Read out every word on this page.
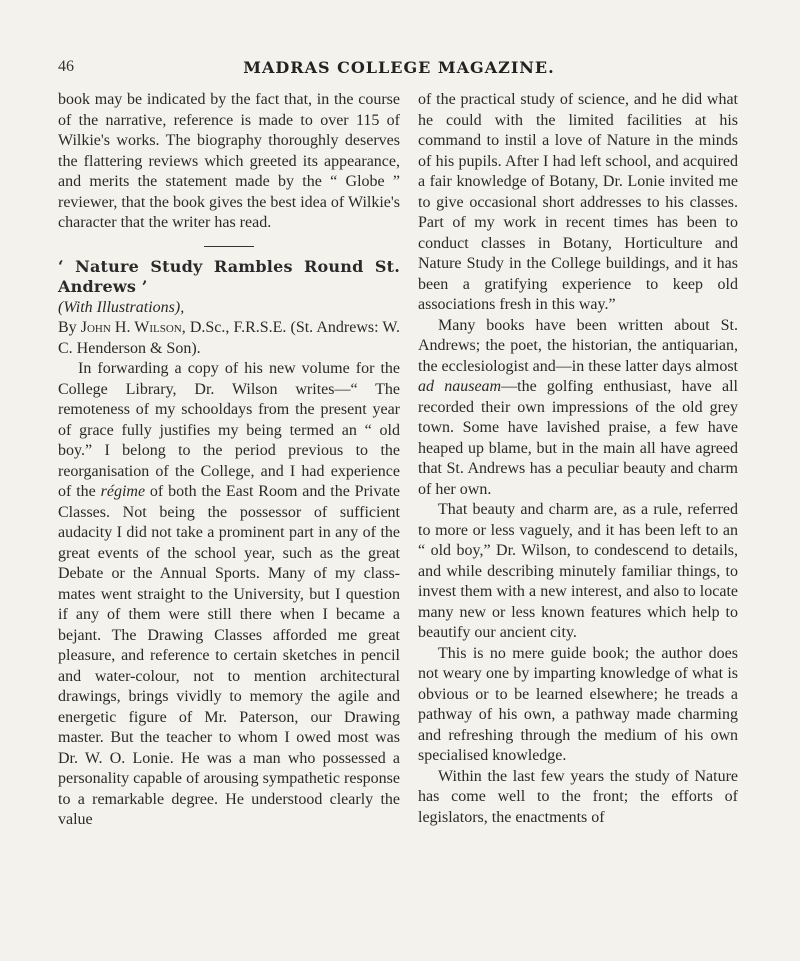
46	MADRAS COLLEGE MAGAZINE.

book may be indicated by the fact that, in the course of the narrative, reference is made to over 115 of Wilkie's works. The biography thoroughly deserves the flattering reviews which greeted its appearance, and merits the statement made by the “ Globe ” reviewer, that the book gives the best idea of Wilkie's character that the writer has read.

‘ Nature Study Rambles Round St. Andrews ’

(With Illustrations),

By John H. Wilson, D.Sc., F.R.S.E. (St. Andrews: W. C. Henderson & Son).

In forwarding a copy of his new volume for the College Library, Dr. Wilson writes—“ The remoteness of my schooldays from the present year of grace fully justifies my being termed an “ old boy.” I belong to the period previous to the reorganisation of the College, and I had experience of the régime of both the East Room and the Private Classes. Not being the possessor of sufficient audacity I did not take a prominent part in any of the great events of the school year, such as the great Debate or the Annual Sports. Many of my class-mates went straight to the University, but I question if any of them were still there when I became a bejant. The Drawing Classes afforded me great pleasure, and reference to certain sketches in pencil and water-colour, not to mention architectural drawings, brings vividly to memory the agile and energetic figure of Mr. Paterson, our Drawing master. But the teacher to whom I owed most was Dr. W. O. Lonie. He was a man who possessed a personality capable of arousing sympathetic response to a remarkable degree. He understood clearly the value

of the practical study of science, and he did what he could with the limited facilities at his command to instil a love of Nature in the minds of his pupils. After I had left school, and acquired a fair knowledge of Botany, Dr. Lonie invited me to give occasional short addresses to his classes. Part of my work in recent times has been to conduct classes in Botany, Horticulture and Nature Study in the College buildings, and it has been a gratifying experience to keep old associations fresh in this way.”

Many books have been written about St. Andrews; the poet, the historian, the antiquarian, the ecclesiologist and—in these latter days almost ad nauseam—the golfing enthusiast, have all recorded their own impressions of the old grey town. Some have lavished praise, a few have heaped up blame, but in the main all have agreed that St. Andrews has a peculiar beauty and charm of her own.

That beauty and charm are, as a rule, referred to more or less vaguely, and it has been left to an “ old boy,” Dr. Wilson, to condescend to details, and while describing minutely familiar things, to invest them with a new interest, and also to locate many new or less known features which help to beautify our ancient city.

This is no mere guide book; the author does not weary one by imparting knowledge of what is obvious or to be learned elsewhere; he treads a pathway of his own, a pathway made charming and refreshing through the medium of his own specialised knowledge.

Within the last few years the study of Nature has come well to the front; the efforts of legislators, the enactments of
